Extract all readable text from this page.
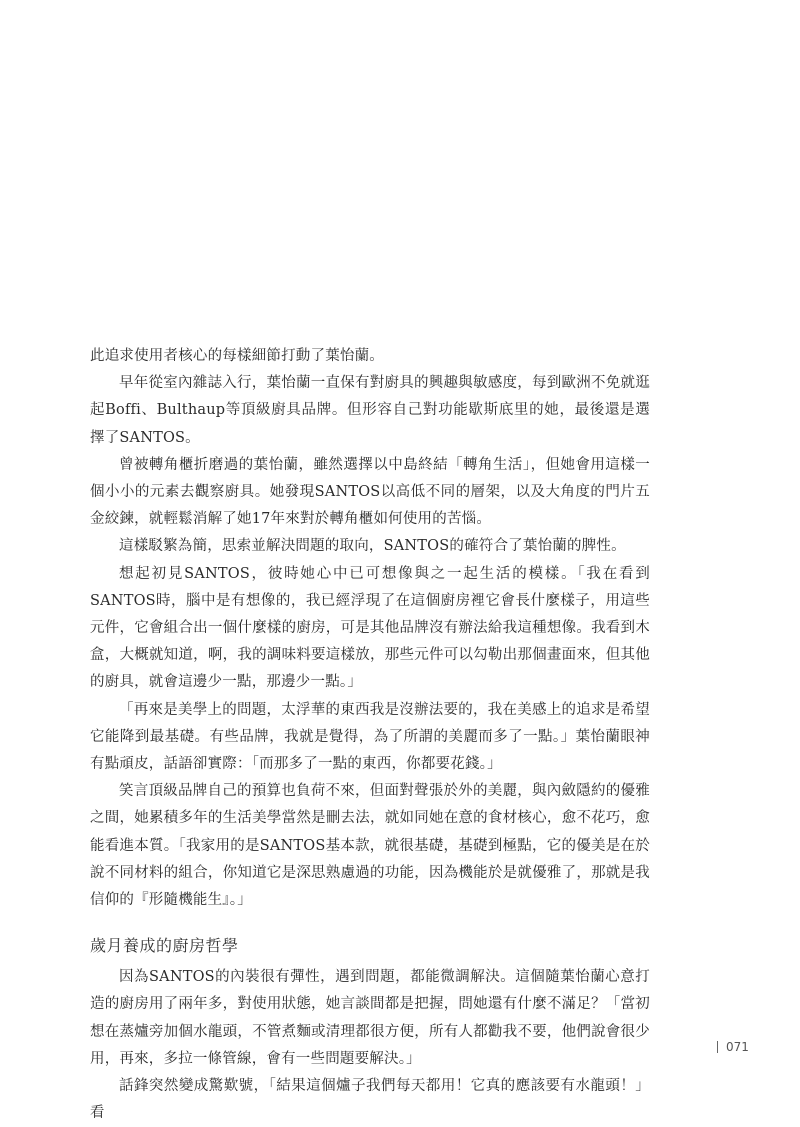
此追求使用者核心的每樣細節打動了葉怡蘭。

早年從室內雜誌入行，葉怡蘭一直保有對廚具的興趣與敏感度，每到歐洲不免就逛起Boffi、Bulthaup等頂級廚具品牌。但形容自己對功能歇斯底里的她，最後還是選擇了SANTOS。

曾被轉角櫃折磨過的葉怡蘭，雖然選擇以中島終結「轉角生活」，但她會用這樣一個小小的元素去觀察廚具。她發現SANTOS以高低不同的層架，以及大角度的門片五金絞鍊，就輕鬆消解了她17年來對於轉角櫃如何使用的苦惱。

這樣駁繁為簡，思索並解決問題的取向，SANTOS的確符合了葉怡蘭的脾性。

想起初見SANTOS，彼時她心中已可想像與之一起生活的模樣。「我在看到SANTOS時，腦中是有想像的，我已經浮現了在這個廚房裡它會長什麼樣子，用這些元件，它會組合出一個什麼樣的廚房，可是其他品牌沒有辦法給我這種想像。我看到木盒，大概就知道，啊，我的調味料要這樣放，那些元件可以勾勒出那個畫面來，但其他的廚具，就會這邊少一點，那邊少一點。」

「再來是美學上的問題，太浮華的東西我是沒辦法要的，我在美感上的追求是希望它能降到最基礎。有些品牌，我就是覺得，為了所謂的美麗而多了一點。」葉怡蘭眼神有點頑皮，話語卻實際：「而那多了一點的東西，你都要花錢。」

笑言頂級品牌自己的預算也負荷不來，但面對聲張於外的美麗，與內斂隱約的優雅之間，她累積多年的生活美學當然是刪去法，就如同她在意的食材核心，愈不花巧，愈能看進本質。「我家用的是SANTOS基本款，就很基礎，基礎到極點，它的優美是在於說不同材料的組合，你知道它是深思熟慮過的功能，因為機能於是就優雅了，那就是我信仰的『形隨機能生』。」

歲月養成的廚房哲學

因為SANTOS的內裝很有彈性，遇到問題，都能微調解決。這個隨葉怡蘭心意打造的廚房用了兩年多，對使用狀態，她言談間都是把握，問她還有什麼不滿足？「當初想在蒸爐旁加個水龍頭，不管煮麵或清理都很方便，所有人都勸我不要，他們說會很少用，再來，多拉一條管線，會有一些問題要解決。」

話鋒突然變成驚歎號，「結果這個爐子我們每天都用！它真的應該要有水龍頭！」看

071
